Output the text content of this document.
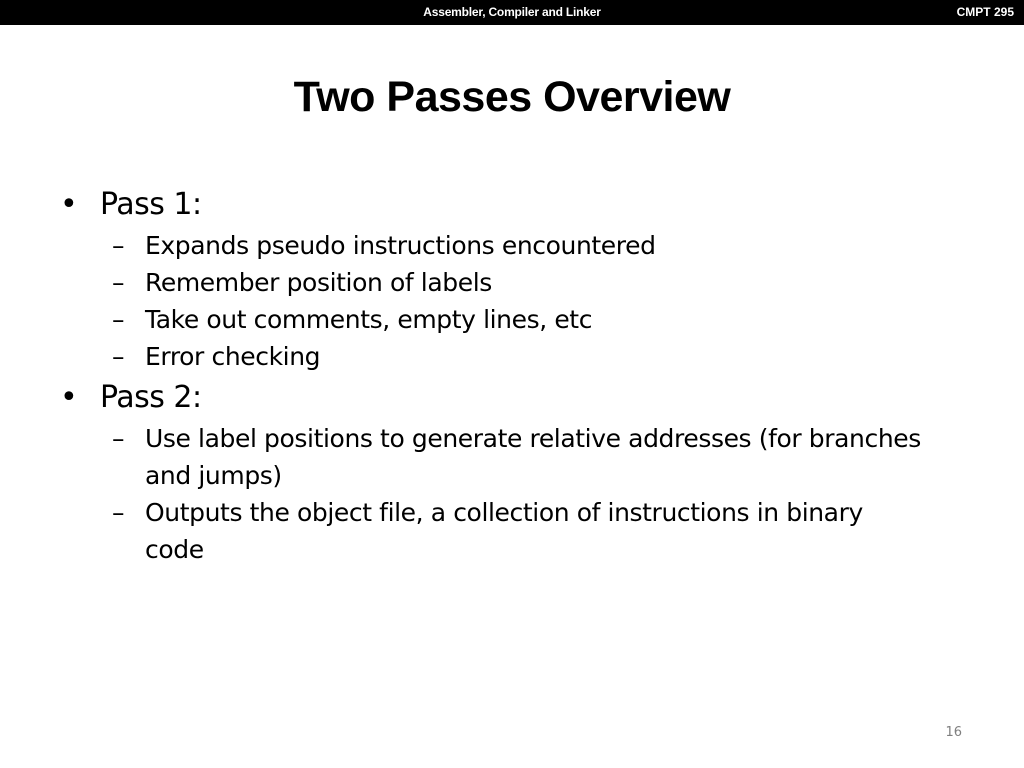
Assembler, Compiler and Linker	CMPT 295
Two Passes Overview
• Pass 1:
– Expands pseudo instructions encountered
– Remember position of labels
– Take out comments, empty lines, etc
– Error checking
• Pass 2:
– Use label positions to generate relative addresses (for branches and jumps)
– Outputs the object file, a collection of instructions in binary code
16
